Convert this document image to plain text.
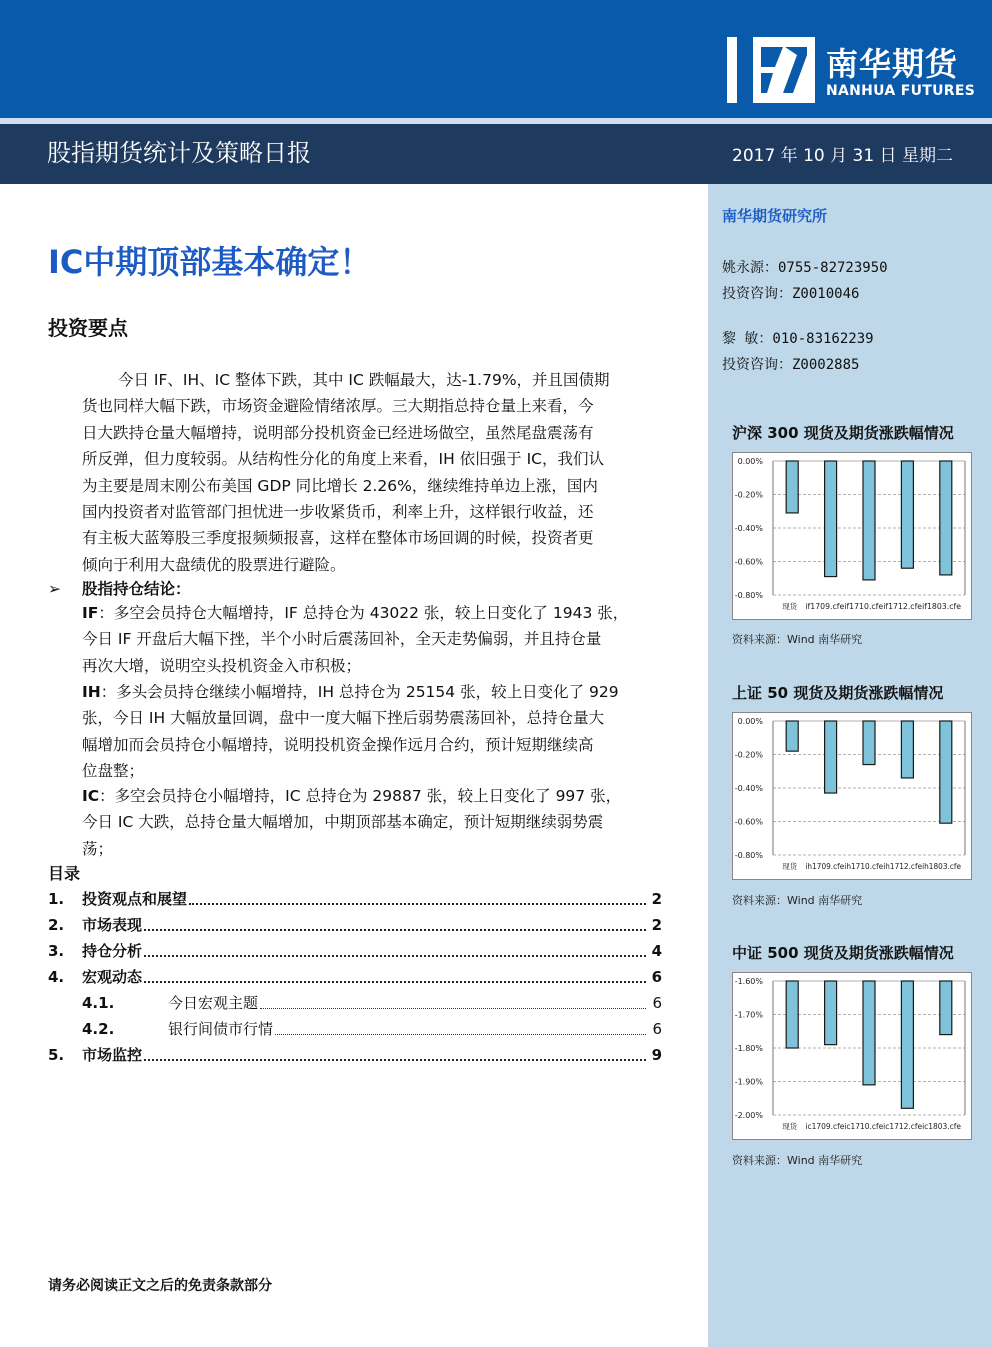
南华期货
NANHUA FUTURES
股指期货统计及策略日报	2017 年 10 月 31 日 星期二
IC中期顶部基本确定！
投资要点
今日 IF、IH、IC 整体下跌，其中 IC 跌幅最大，达-1.79%，并且国债期
货也同样大幅下跌，市场资金避险情绪浓厚。三大期指总持仓量上来看，今
日大跌持仓量大幅增持，说明部分投机资金已经进场做空，虽然尾盘震荡有
所反弹，但力度较弱。从结构性分化的角度上来看，IH 依旧强于 IC，我们认
为主要是周末刚公布美国 GDP 同比增长 2.26%，继续维持单边上涨，国内
国内投资者对监管部门担忧进一步收紧货币，利率上升，这样银行收益，还
有主板大蓝筹股三季度报频频报喜，这样在整体市场回调的时候，投资者更
倾向于利用大盘绩优的股票进行避险。
➢ 股指持仓结论：
IF：多空会员持仓大幅增持，IF 总持仓为 43022 张，较上日变化了 1943 张，
今日 IF 开盘后大幅下挫，半个小时后震荡回补，全天走势偏弱，并且持仓量
再次大增，说明空头投机资金入市积极；
IH：多头会员持仓继续小幅增持，IH 总持仓为 25154 张，较上日变化了 929
张，今日 IH 大幅放量回调，盘中一度大幅下挫后弱势震荡回补，总持仓量大
幅增加而会员持仓小幅增持，说明投机资金操作远月合约，预计短期继续高
位盘整；
IC：多空会员持仓小幅增持，IC 总持仓为 29887 张，较上日变化了 997 张，
今日 IC 大跌，总持仓量大幅增加，中期顶部基本确定，预计短期继续弱势震
荡；
目录
1.	投资观点和展望	2
2.	市场表现	2
3.	持仓分析	4
4.	宏观动态	6
4.1.	今日宏观主题	6
4.2.	银行间债市行情	6
5.	市场监控	9
请务必阅读正文之后的免责条款部分
南华期货研究所
姚永源：0755-82723950
投资咨询：Z0010046
黎 敏：010-83162239
投资咨询：Z0002885
沪深 300 现货及期货涨跌幅情况
0.00%
-0.20%
-0.40%
-0.60%
-0.80%
现货 if1709.cfeif1710.cfeif1712.cfeif1803.cfe
资料来源：Wind 南华研究
上证 50 现货及期货涨跌幅情况
0.00%
-0.20%
-0.40%
-0.60%
-0.80%
现货 ih1709.cfeih1710.cfeih1712.cfeih1803.cfe
资料来源：Wind 南华研究
中证 500 现货及期货涨跌幅情况
-1.60%
-1.70%
-1.80%
-1.90%
-2.00%
现货 ic1709.cfeic1710.cfeic1712.cfeic1803.cfe
资料来源：Wind 南华研究
